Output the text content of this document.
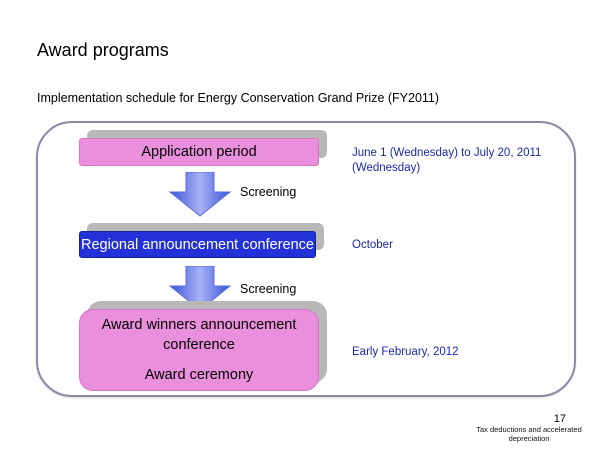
Award programs
Implementation schedule for Energy Conservation Grand Prize (FY2011)
Application period	June 1 (Wednesday) to July 20, 2011 (Wednesday)
Screening
Regional announcement conference	October
Screening
Award winners announcement
conference
Award ceremony
Early February, 2012
17
Tax deductions and accelerated depreciation
